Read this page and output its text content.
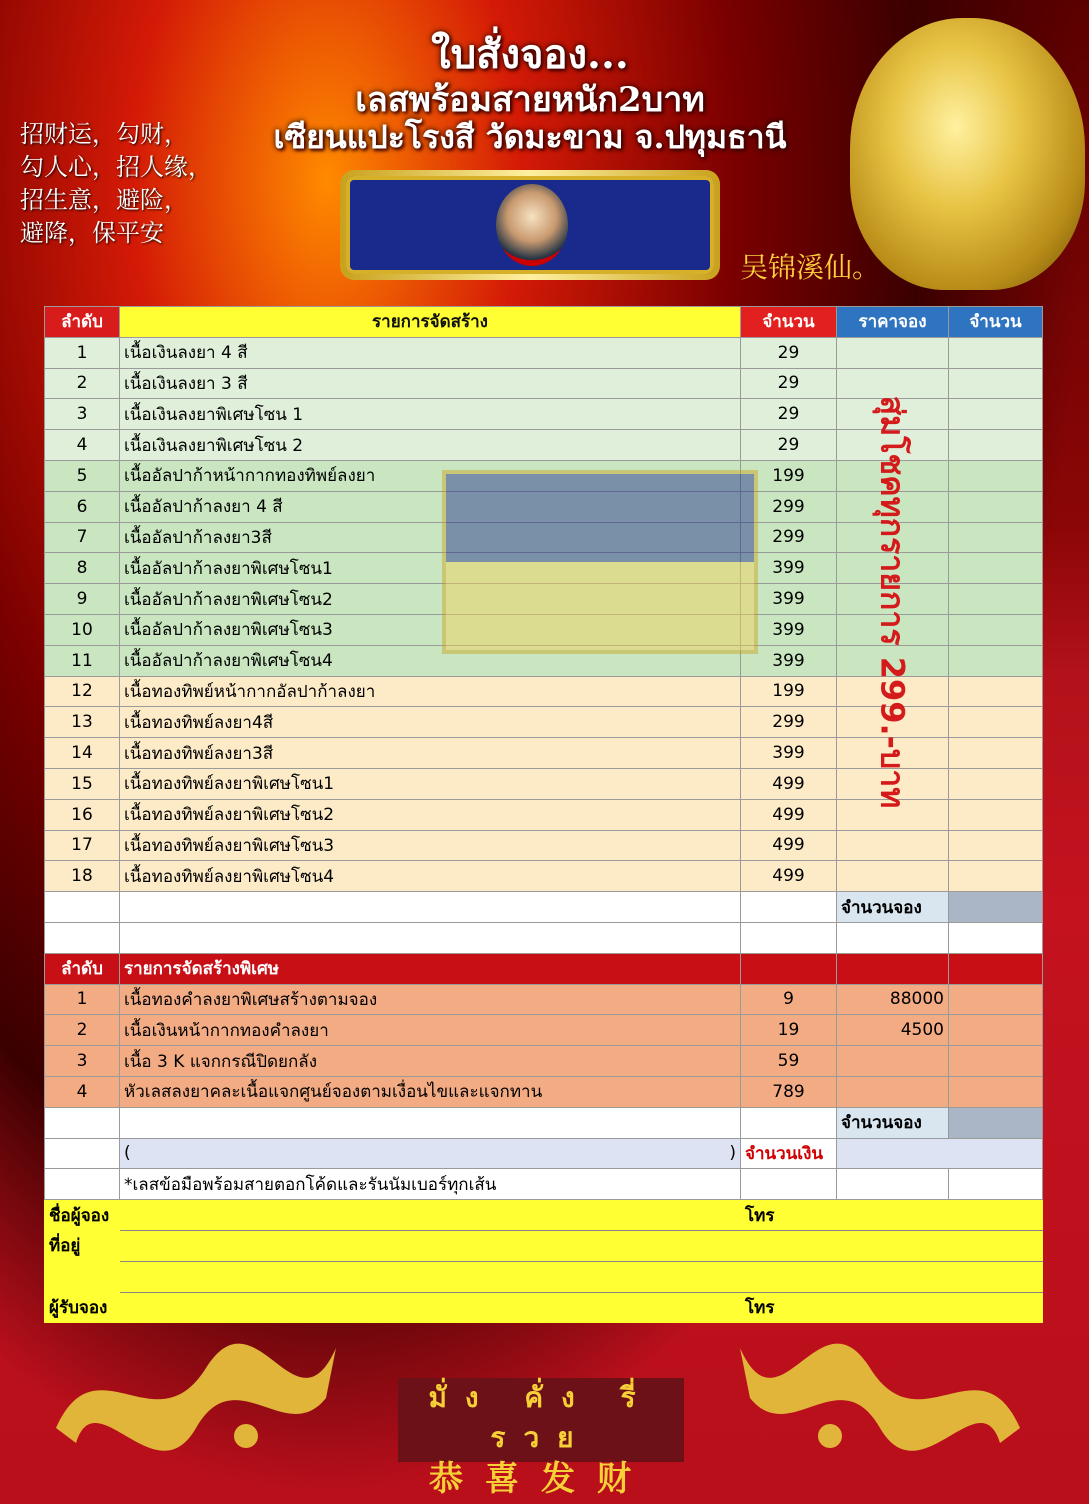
ใบสั่งจอง...
เลสพร้อมสายหนัก2บาท
เซียนแปะโรงสี วัดมะขาม จ.ปทุมธานี
招财运，勾财，
勾人心，招人缘，
招生意，避险，
避降，保平安
吴锦溪仙。
ลำดับ	รายการจัดสร้าง	จำนวน	ราคาจอง	จำนวน
1	เนื้อเงินลงยา 4 สี	29		
2	เนื้อเงินลงยา 3 สี	29		
3	เนื้อเงินลงยาพิเศษโซน 1	29		
4	เนื้อเงินลงยาพิเศษโซน 2	29		
5	เนื้ออัลปาก้าหน้ากากทองทิพย์ลงยา	199		
6	เนื้ออัลปาก้าลงยา 4 สี	299		
7	เนื้ออัลปาก้าลงยา3สี	299		
8	เนื้ออัลปาก้าลงยาพิเศษโซน1	399		
9	เนื้ออัลปาก้าลงยาพิเศษโซน2	399		
10	เนื้ออัลปาก้าลงยาพิเศษโซน3	399		
11	เนื้ออัลปาก้าลงยาพิเศษโซน4	399		
12	เนื้อทองทิพย์หน้ากากอัลปาก้าลงยา	199		
13	เนื้อทองทิพย์ลงยา4สี	299		
14	เนื้อทองทิพย์ลงยา3สี	399		
15	เนื้อทองทิพย์ลงยาพิเศษโซน1	499		
16	เนื้อทองทิพย์ลงยาพิเศษโซน2	499		
17	เนื้อทองทิพย์ลงยาพิเศษโซน3	499		
18	เนื้อทองทิพย์ลงยาพิเศษโซน4	499		
			จำนวนจอง	

ลำดับ	รายการจัดสร้างพิเศษ			
1	เนื้อทองคำลงยาพิเศษสร้างตามจอง	9	88000	
2	เนื้อเงินหน้ากากทองคำลงยา	19	4500	
3	เนื้อ 3 K แจกกรณีปิดยกลัง	59		
4	หัวเลสลงยาคละเนื้อแจกศูนย์จองตามเงื่อนไขและแจกทาน	789		
			จำนวนจอง	
	( )	จำนวนเงิน		
	*เลสข้อมือพร้อมสายตอกโค้ดและรันนัมเบอร์ทุกเส้น			
ชื่อผู้จอง		โทร		
ที่อยู่				

ผู้รับจอง		โทร		
สุ่มโชคทุกรายการ 299.-บาท
มั่ง คั่ง รี่ รวย
恭喜发财
